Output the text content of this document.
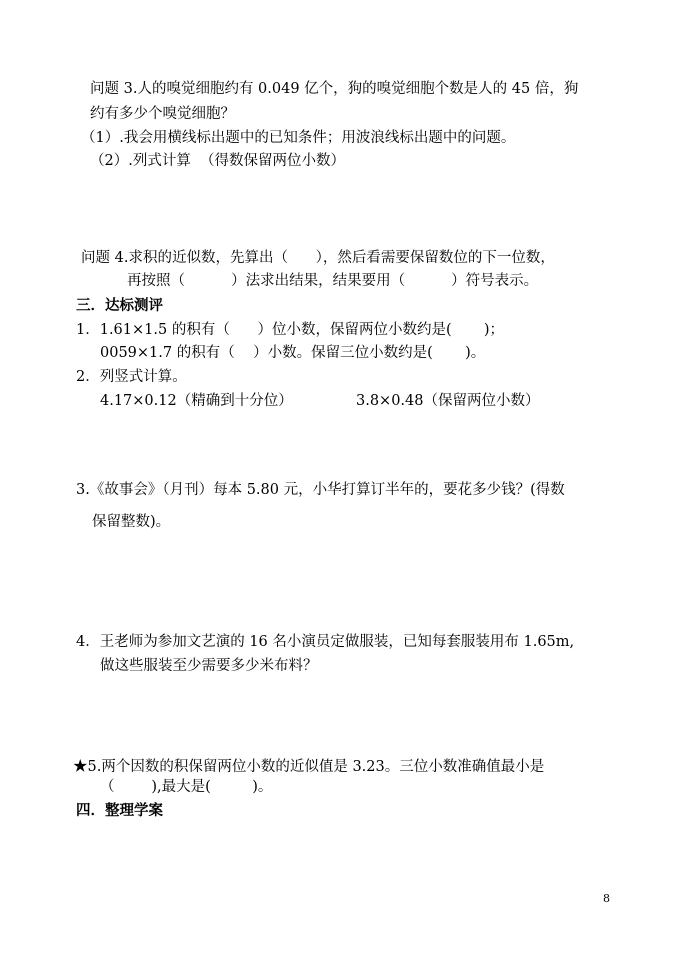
问题 3.人的嗅觉细胞约有 0.049 亿个，狗的嗅觉细胞个数是人的 45 倍，狗
约有多少个嗅觉细胞？
（1）.我会用横线标出题中的已知条件；用波浪线标出题中的问题。
（2）.列式计算  （得数保留两位小数）
问题 4.求积的近似数，先算出（      ），然后看需要保留数位的下一位数，
再按照（          ）法求出结果，结果要用（          ）符号表示。
三．达标测评
1．1.61×1.5 的积有（      ）位小数，保留两位小数约是(       )；
0059×1.7 的积有（    ）小数。保留三位小数约是(       )。
2．列竖式计算。
4.17×0.12（精确到十分位）	3.8×0.48（保留两位小数）
3.《故事会》（月刊）每本 5.80 元，小华打算订半年的，要花多少钱？(得数
保留整数)。
4．王老师为参加文艺演的 16 名小演员定做服装，已知每套服装用布 1.65m,
做这些服装至少需要多少米布料？
★5.两个因数的积保留两位小数的近似值是 3.23。三位小数准确值最小是
（        ),最大是(         )。
四．整理学案
8
